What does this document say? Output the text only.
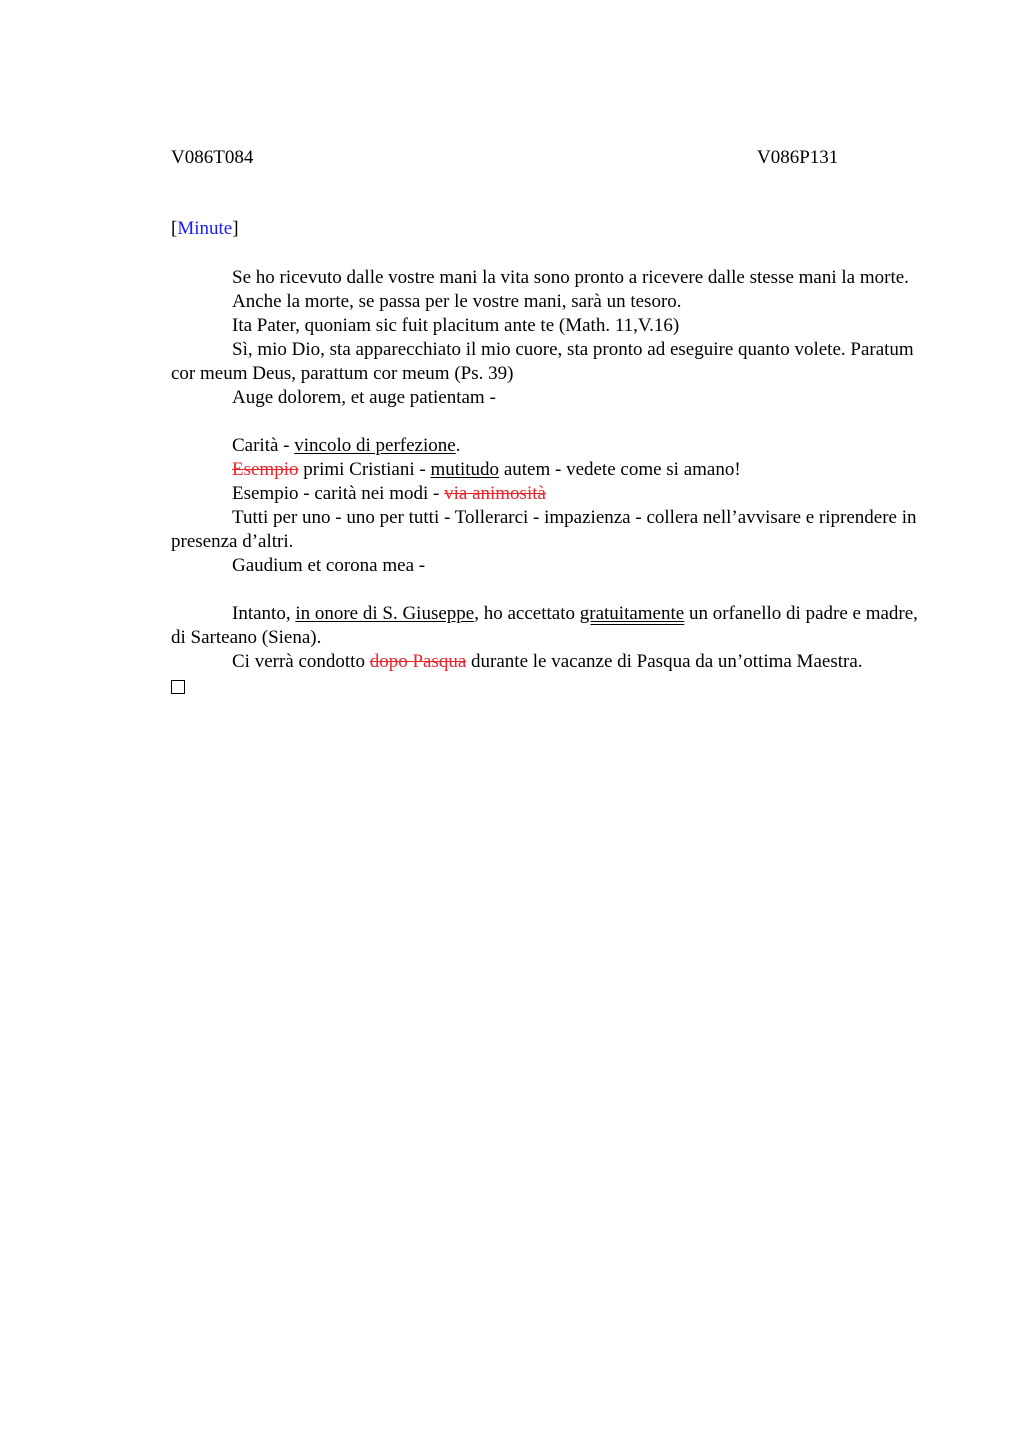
V086T084	V086P131
[Minute]

Se ho ricevuto dalle vostre mani la vita sono pronto a ricevere dalle stesse mani la morte.

Anche la morte, se passa per le vostre mani, sarà un tesoro.

Ita Pater, quoniam sic fuit placitum ante te (Math. 11,V.16)

Sì, mio Dio, sta apparecchiato il mio cuore, sta pronto ad eseguire quanto volete. Paratum cor meum Deus, parattum cor meum (Ps. 39)

Auge dolorem, et auge patientam -

Carità - vincolo di perfezione.

Esempio primi Cristiani - mutitudo autem - vedete come si amano!

Esempio - carità nei modi - via animosità

Tutti per uno - uno per tutti - Tollerarci - impazienza - collera nell’avvisare e riprendere in presenza d’altri.

Gaudium et corona mea -

Intanto, in onore di S. Giuseppe, ho accettato gratuitamente un orfanello di padre e madre, di Sarteano (Siena).

Ci verrà condotto dopo Pasqua durante le vacanze di Pasqua da un’ottima Maestra.
